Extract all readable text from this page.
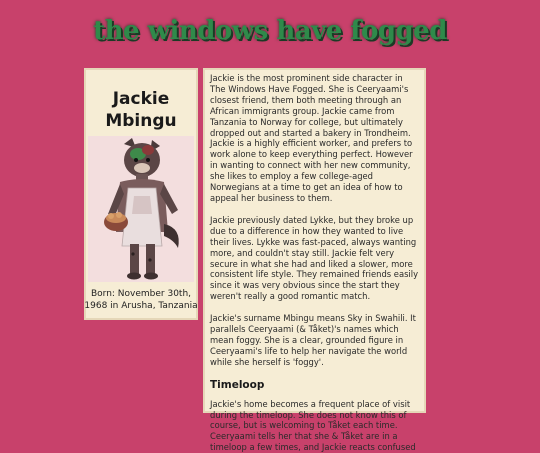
the windows have fogged
Jackie Mbingu
Born: November 30th, 1968 in Arusha, Tanzania

Jackie is the most prominent side character in The Windows Have Fogged. She is Ceeryaami's closest friend, them both meeting through an African immigrants group. Jackie came from Tanzania to Norway for college, but ultimately dropped out and started a bakery in Trondheim. Jackie is a highly efficient worker, and prefers to work alone to keep everything perfect. However in wanting to connect with her new community, she likes to employ a few college-aged Norwegians at a time to get an idea of how to appeal her business to them.

Jackie previously dated Lykke, but they broke up due to a difference in how they wanted to live their lives. Lykke was fast-paced, always wanting more, and couldn't stay still. Jackie felt very secure in what she had and liked a slower, more consistent life style. They remained friends easily since it was very obvious since the start they weren't really a good romantic match.

Jackie's surname Mbingu means Sky in Swahili. It parallels Ceeryaami (& Tåket)'s names which mean foggy. She is a clear, grounded figure in Ceeryaami's life to help her navigate the world while she herself is 'foggy'.

Timeloop

Jackie's home becomes a frequent place of visit during the timeloop. She does not know this of course, but is welcoming to Tåket each time. Ceeryaami tells her that she & Tåket are in a timeloop a few times, and Jackie reacts confused
